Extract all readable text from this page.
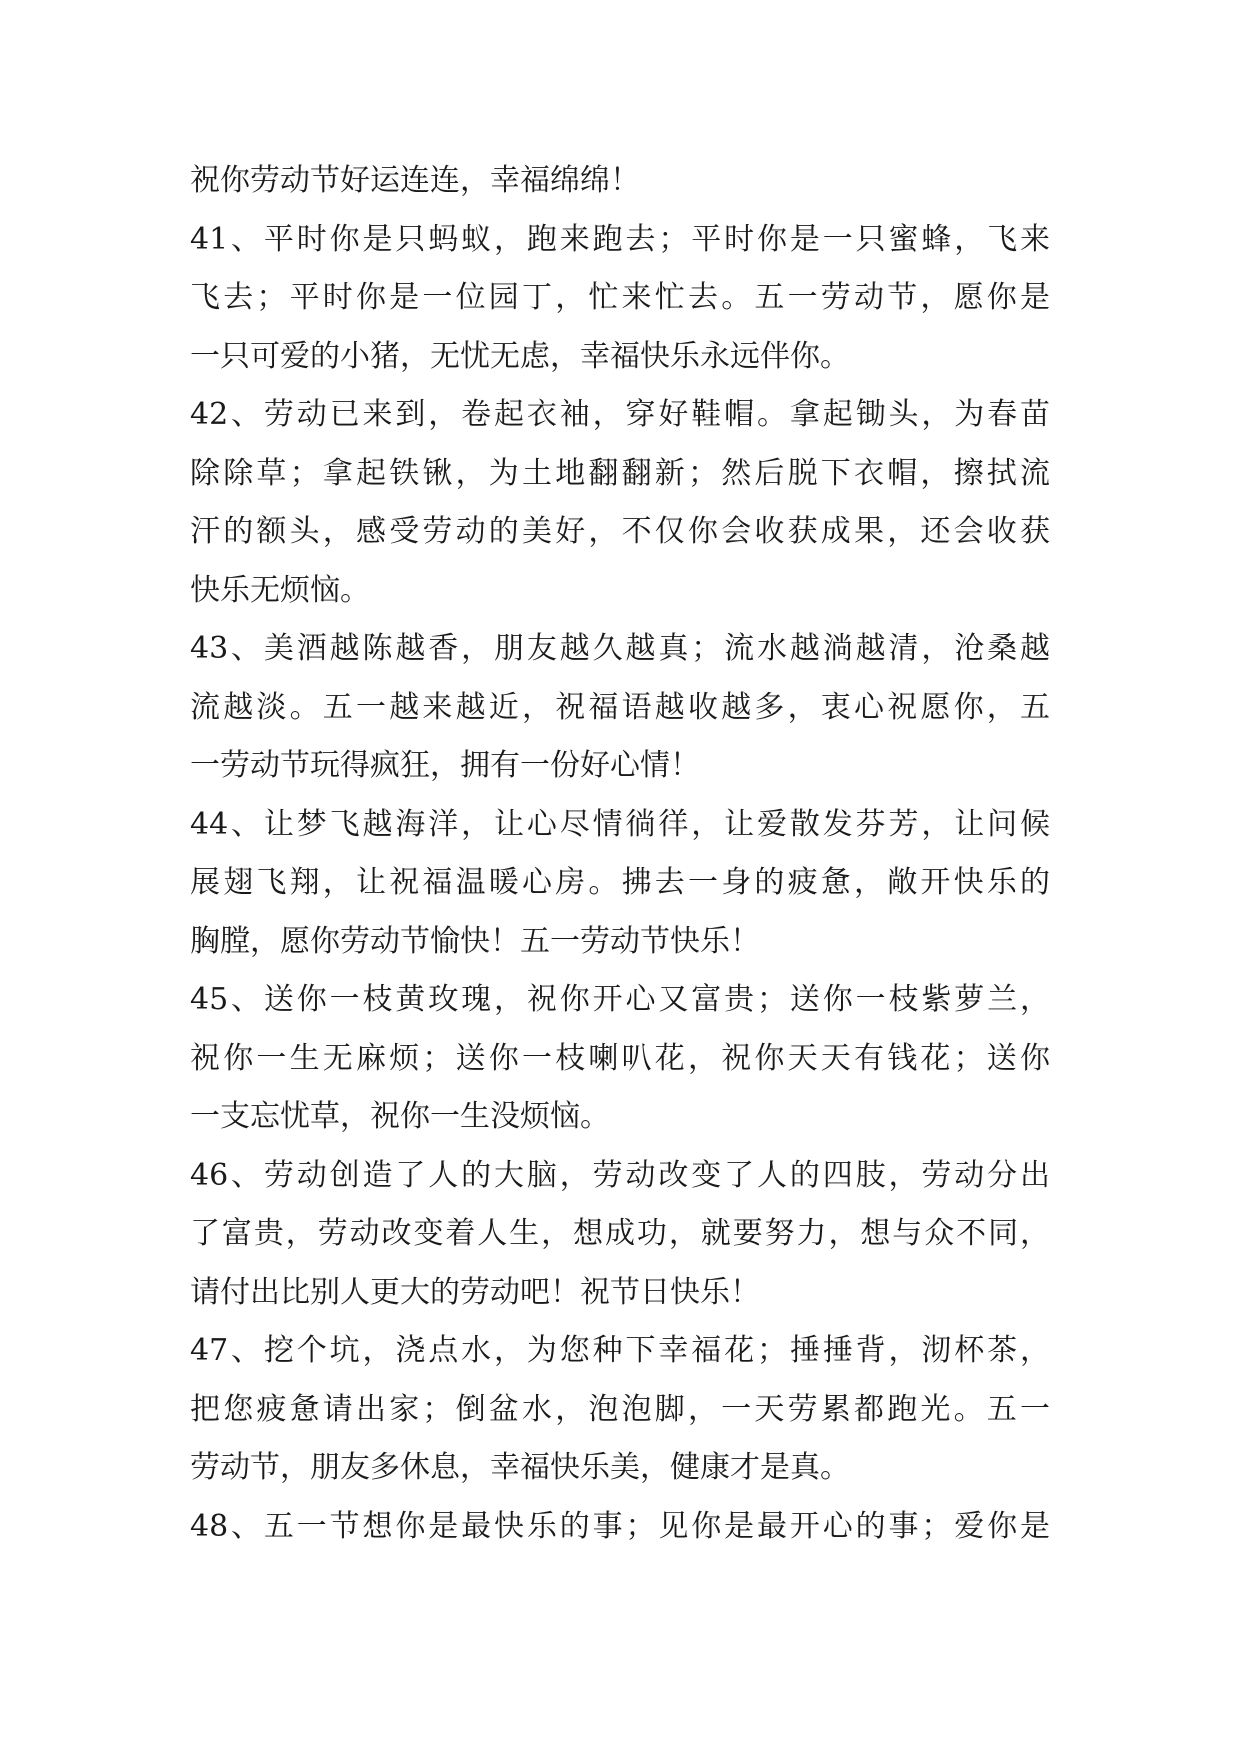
祝你劳动节好运连连，幸福绵绵！
41、平时你是只蚂蚁，跑来跑去；平时你是一只蜜蜂，飞来
飞去；平时你是一位园丁，忙来忙去。五一劳动节，愿你是
一只可爱的小猪，无忧无虑，幸福快乐永远伴你。
42、劳动已来到，卷起衣袖，穿好鞋帽。拿起锄头，为春苗
除除草；拿起铁锹，为土地翻翻新；然后脱下衣帽，擦拭流
汗的额头，感受劳动的美好，不仅你会收获成果，还会收获
快乐无烦恼。
43、美酒越陈越香，朋友越久越真；流水越淌越清，沧桑越
流越淡。五一越来越近，祝福语越收越多，衷心祝愿你，五
一劳动节玩得疯狂，拥有一份好心情！
44、让梦飞越海洋，让心尽情徜徉，让爱散发芬芳，让问候
展翅飞翔，让祝福温暖心房。拂去一身的疲惫，敞开快乐的
胸膛，愿你劳动节愉快！五一劳动节快乐！
45、送你一枝黄玫瑰，祝你开心又富贵；送你一枝紫萝兰，
祝你一生无麻烦；送你一枝喇叭花，祝你天天有钱花；送你
一支忘忧草，祝你一生没烦恼。
46、劳动创造了人的大脑，劳动改变了人的四肢，劳动分出
了富贵，劳动改变着人生，想成功，就要努力，想与众不同，
请付出比别人更大的劳动吧！祝节日快乐！
47、挖个坑，浇点水，为您种下幸福花；捶捶背，沏杯茶，
把您疲惫请出家；倒盆水，泡泡脚，一天劳累都跑光。五一
劳动节，朋友多休息，幸福快乐美，健康才是真。
48、五一节想你是最快乐的事；见你是最开心的事；爱你是
